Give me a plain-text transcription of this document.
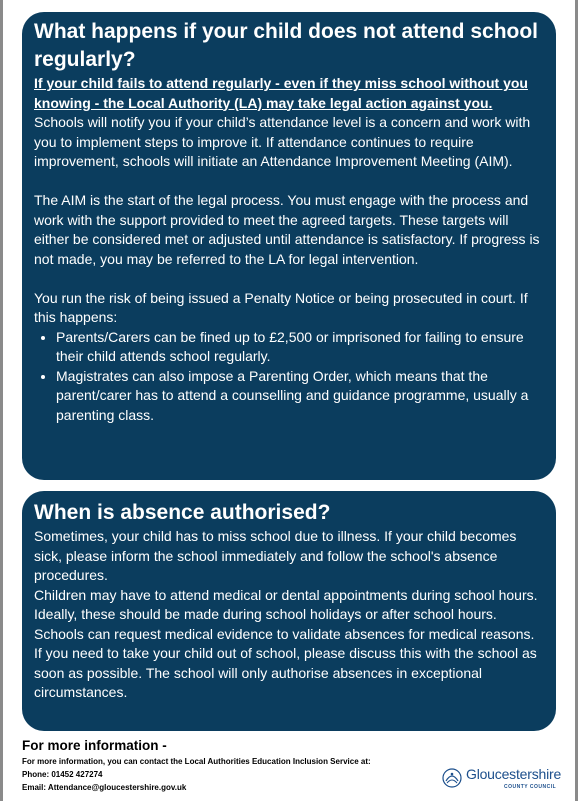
What happens if your child does not attend school regularly?

If your child fails to attend regularly - even if they miss school without you knowing - the Local Authority (LA) may take legal action against you.

Schools will notify you if your child’s attendance level is a concern and work with you to implement steps to improve it. If attendance continues to require improvement, schools will initiate an Attendance Improvement Meeting (AIM).

The AIM is the start of the legal process. You must engage with the process and work with the support provided to meet the agreed targets. These targets will either be considered met or adjusted until attendance is satisfactory. If progress is not made, you may be referred to the LA for legal intervention.

You run the risk of being issued a Penalty Notice or being prosecuted in court. If this happens:

• Parents/Carers can be fined up to £2,500 or imprisoned for failing to ensure their child attends school regularly.
• Magistrates can also impose a Parenting Order, which means that the parent/carer has to attend a counselling and guidance programme, usually a parenting class.
When is absence authorised?

Sometimes, your child has to miss school due to illness. If your child becomes sick, please inform the school immediately and follow the school's absence procedures.

Children may have to attend medical or dental appointments during school hours. Ideally, these should be made during school holidays or after school hours. Schools can request medical evidence to validate absences for medical reasons.

If you need to take your child out of school, please discuss this with the school as soon as possible. The school will only authorise absences in exceptional circumstances.

For more information -
For more information, you can contact the Local Authorities Education Inclusion Service at:
Phone: 01452 427274
Email: Attendance@gloucestershire.gov.uk
Gloucestershire
COUNTY COUNCIL
